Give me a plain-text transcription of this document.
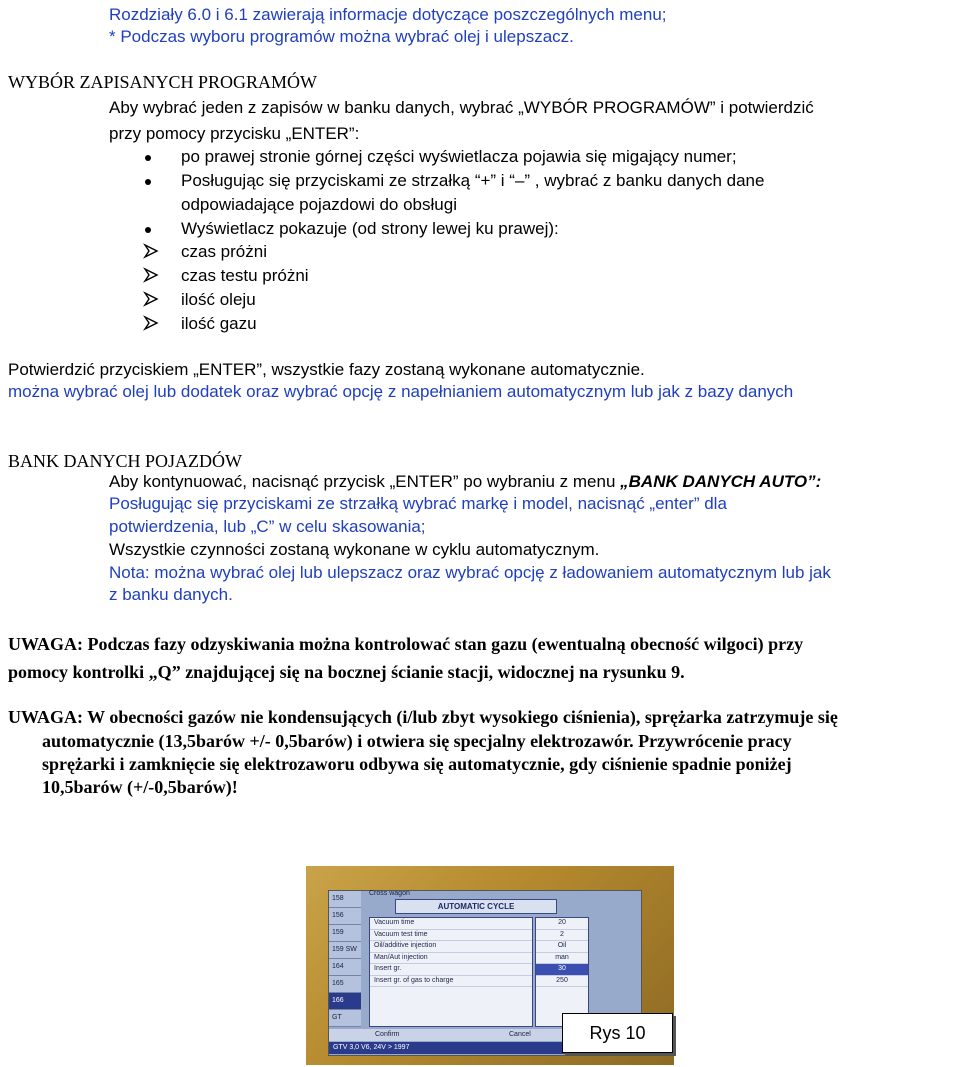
Rozdziały 6.0 i 6.1 zawierają informacje dotyczące poszczególnych menu;
* Podczas wyboru programów można wybrać olej i ulepszacz.
WYBÓR ZAPISANYCH PROGRAMÓW
Aby wybrać jeden z zapisów w banku danych, wybrać „WYBÓR PROGRAMÓW” i potwierdzić
przy pomocy przycisku „ENTER”:
po prawej stronie górnej części wyświetlacza pojawia się migający numer;
Posługując się przyciskami ze strzałką “+” i “–” , wybrać z banku danych dane
odpowiadające pojazdowi do obsługi
Wyświetlacz pokazuje (od strony lewej ku prawej):
czas próżni
czas testu próżni
ilość oleju
ilość gazu
Potwierdzić przyciskiem „ENTER”, wszystkie fazy zostaną wykonane automatycznie.
można wybrać olej lub dodatek oraz wybrać opcję z napełnianiem automatycznym lub jak z bazy danych
BANK DANYCH POJAZDÓW
Aby kontynuować, nacisnąć przycisk „ENTER” po wybraniu z menu „BANK DANYCH AUTO”:
Posługując się przyciskami ze strzałką wybrać markę i model, nacisnąć „enter” dla
potwierdzenia, lub „C” w celu skasowania;
Wszystkie czynności zostaną wykonane w cyklu automatycznym.
Nota: można wybrać olej lub ulepszacz oraz wybrać opcję z ładowaniem automatycznym lub jak
z banku danych.
UWAGA: Podczas fazy odzyskiwania można kontrolować stan gazu (ewentualną obecność wilgoci) przy
pomocy kontrolki „Q” znajdującej się na bocznej ścianie stacji, widocznej na rysunku 9.
UWAGA: W obecności gazów nie kondensujących (i/lub zbyt wysokiego ciśnienia), sprężarka zatrzymuje się
automatycznie (13,5barów +/- 0,5barów) i otwiera się specjalny elektrozawór. Przywrócenie pracy
sprężarki i zamknięcie się elektrozaworu odbywa się automatycznie, gdy ciśnienie spadnie poniżej
10,5barów (+/-0,5barów)!
158
156
159
159 SW
164
165
166
GT
Cross wagon
AUTOMATIC CYCLE
Vacuum time
Vacuum test time
Oil/additive injection
Man/Aut injection
Insert gr.
Insert gr. of gas to charge
20
2
Oil
man
30
250
Confirm	Cancel
GTV 3,0 V6, 24V > 1997
Rys 10
